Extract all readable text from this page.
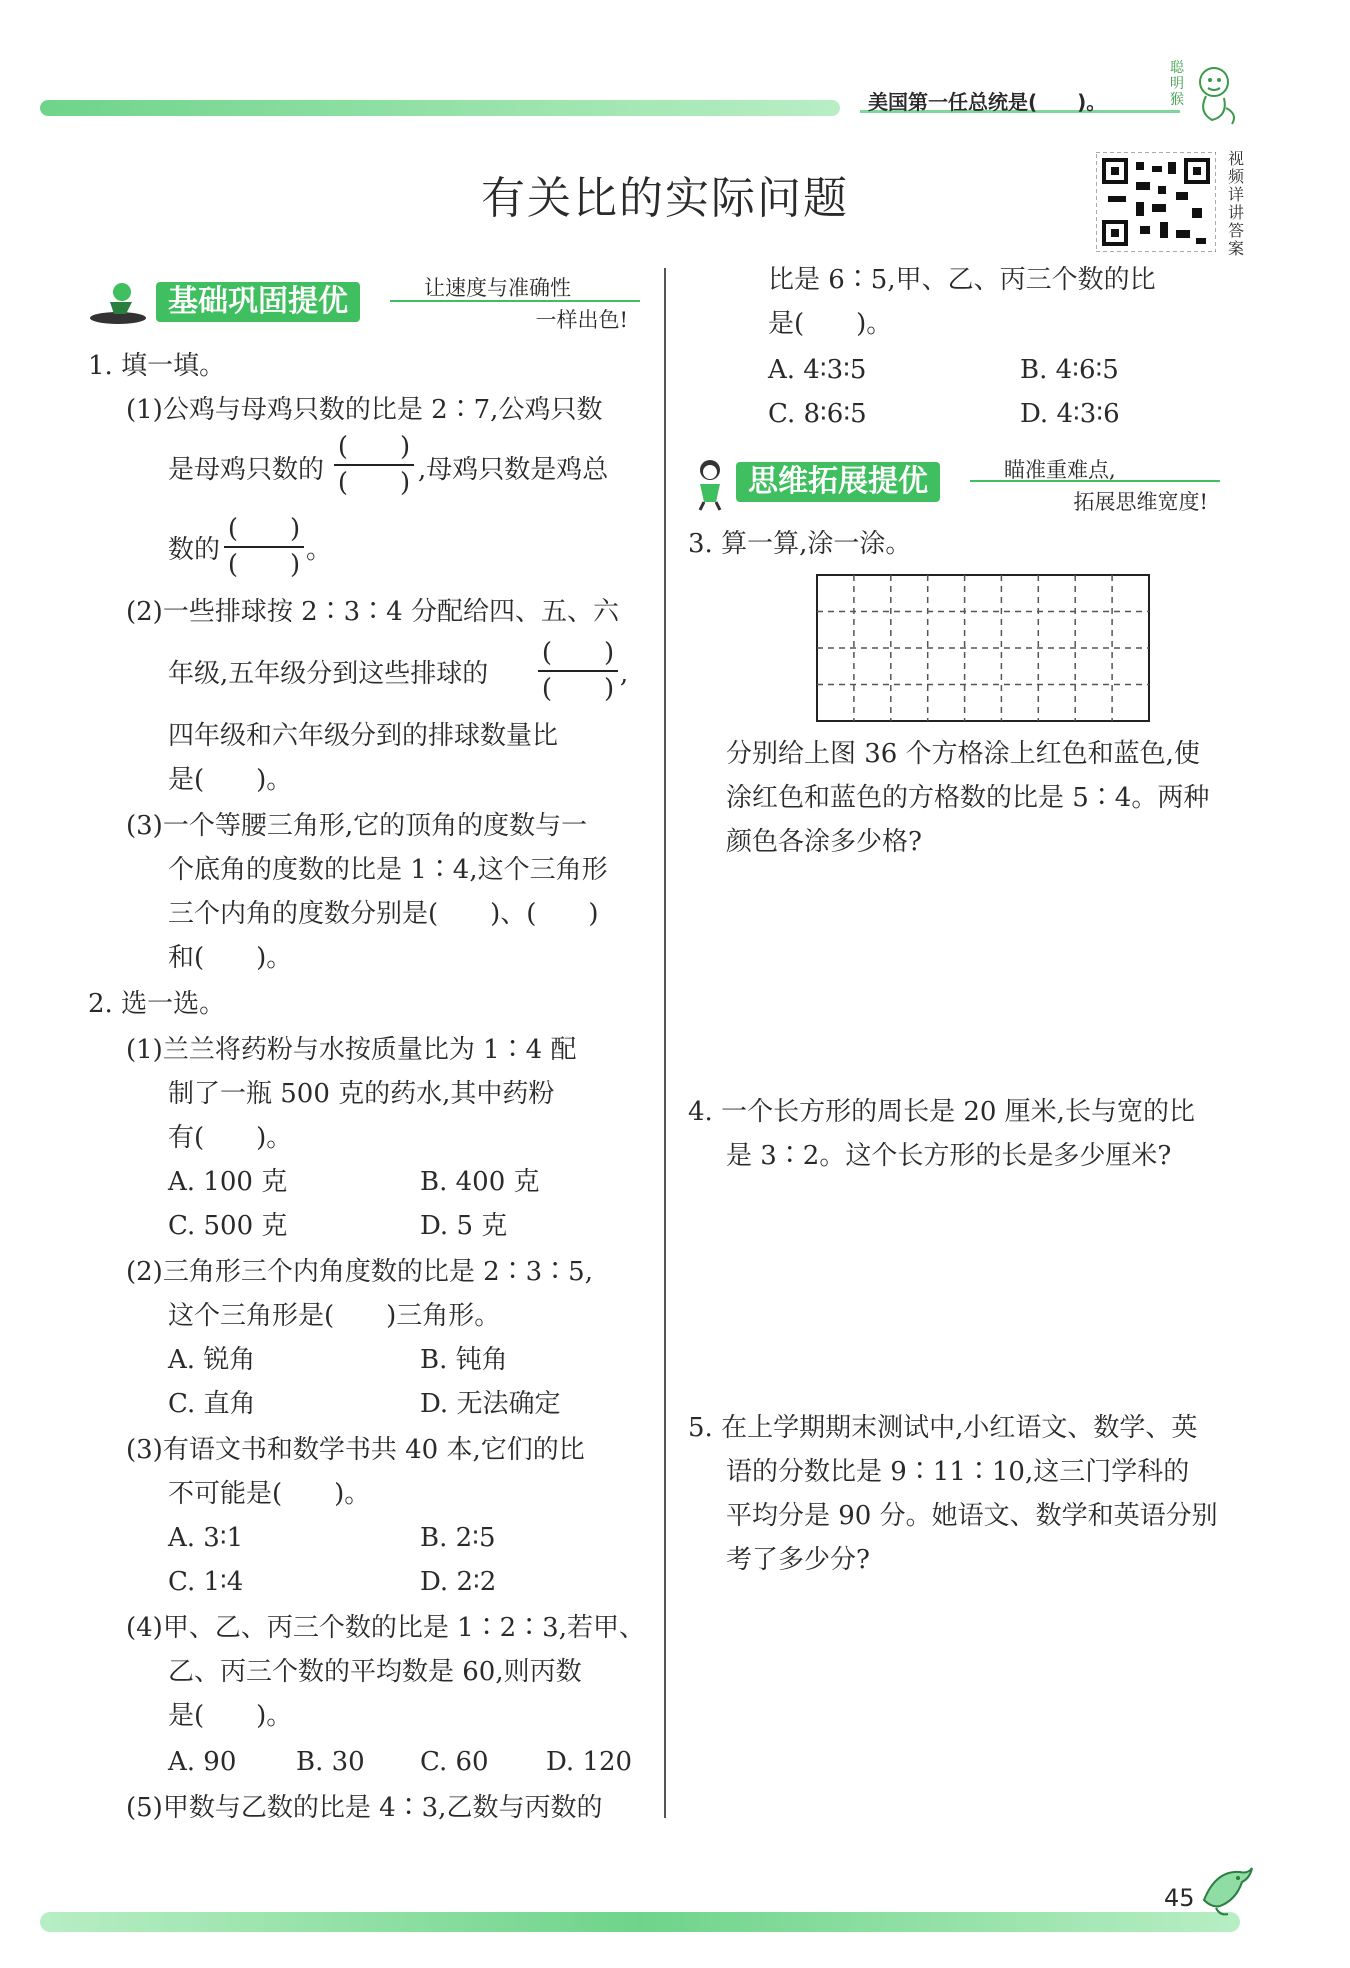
美国第一任总统是(　　)。
聪明猴
有关比的实际问题
视频详讲答案
基础巩固提优	让速度与准确性
一样出色!
1. 填一填。
(1)公鸡与母鸡只数的比是 2∶7,公鸡只数
是母鸡只数的
(　　)
(　　) ,母鸡只数是鸡总
数的
(　　)
(　　) 。
(2)一些排球按 2∶3∶4 分配给四、五、六
年级,五年级分到这些排球的
(　　)
(　　) ,
四年级和六年级分到的排球数量比
是(　　)。
(3)一个等腰三角形,它的顶角的度数与一
个底角的度数的比是 1∶4,这个三角形
三个内角的度数分别是(　　)、(　　)
和(　　)。
2. 选一选。
(1)兰兰将药粉与水按质量比为 1∶4 配
制了一瓶 500 克的药水,其中药粉
有(　　)。
A. 100 克	B. 400 克
C. 500 克	D. 5 克
(2)三角形三个内角度数的比是 2∶3∶5,
这个三角形是(　　)三角形。
A. 锐角	B. 钝角
C. 直角	D. 无法确定
(3)有语文书和数学书共 40 本,它们的比
不可能是(　　)。
A. 3∶1	B. 2∶5
C. 1∶4	D. 2∶2
(4)甲、乙、丙三个数的比是 1∶2∶3,若甲、
乙、丙三个数的平均数是 60,则丙数
是(　　)。
A. 90 B. 30 C. 60 D. 120
(5)甲数与乙数的比是 4∶3,乙数与丙数的
比是 6∶5,甲、乙、丙三个数的比
是(　　)。
A. 4∶3∶5	B. 4∶6∶5
C. 8∶6∶5	D. 4∶3∶6
思维拓展提优	瞄准重难点,
拓展思维宽度!
3. 算一算,涂一涂。
分别给上图 36 个方格涂上红色和蓝色,使
涂红色和蓝色的方格数的比是 5∶4。两种
颜色各涂多少格?
4. 一个长方形的周长是 20 厘米,长与宽的比
是 3∶2。这个长方形的长是多少厘米?
5. 在上学期期末测试中,小红语文、数学、英
语的分数比是 9∶11∶10,这三门学科的
平均分是 90 分。她语文、数学和英语分别
考了多少分?
45
